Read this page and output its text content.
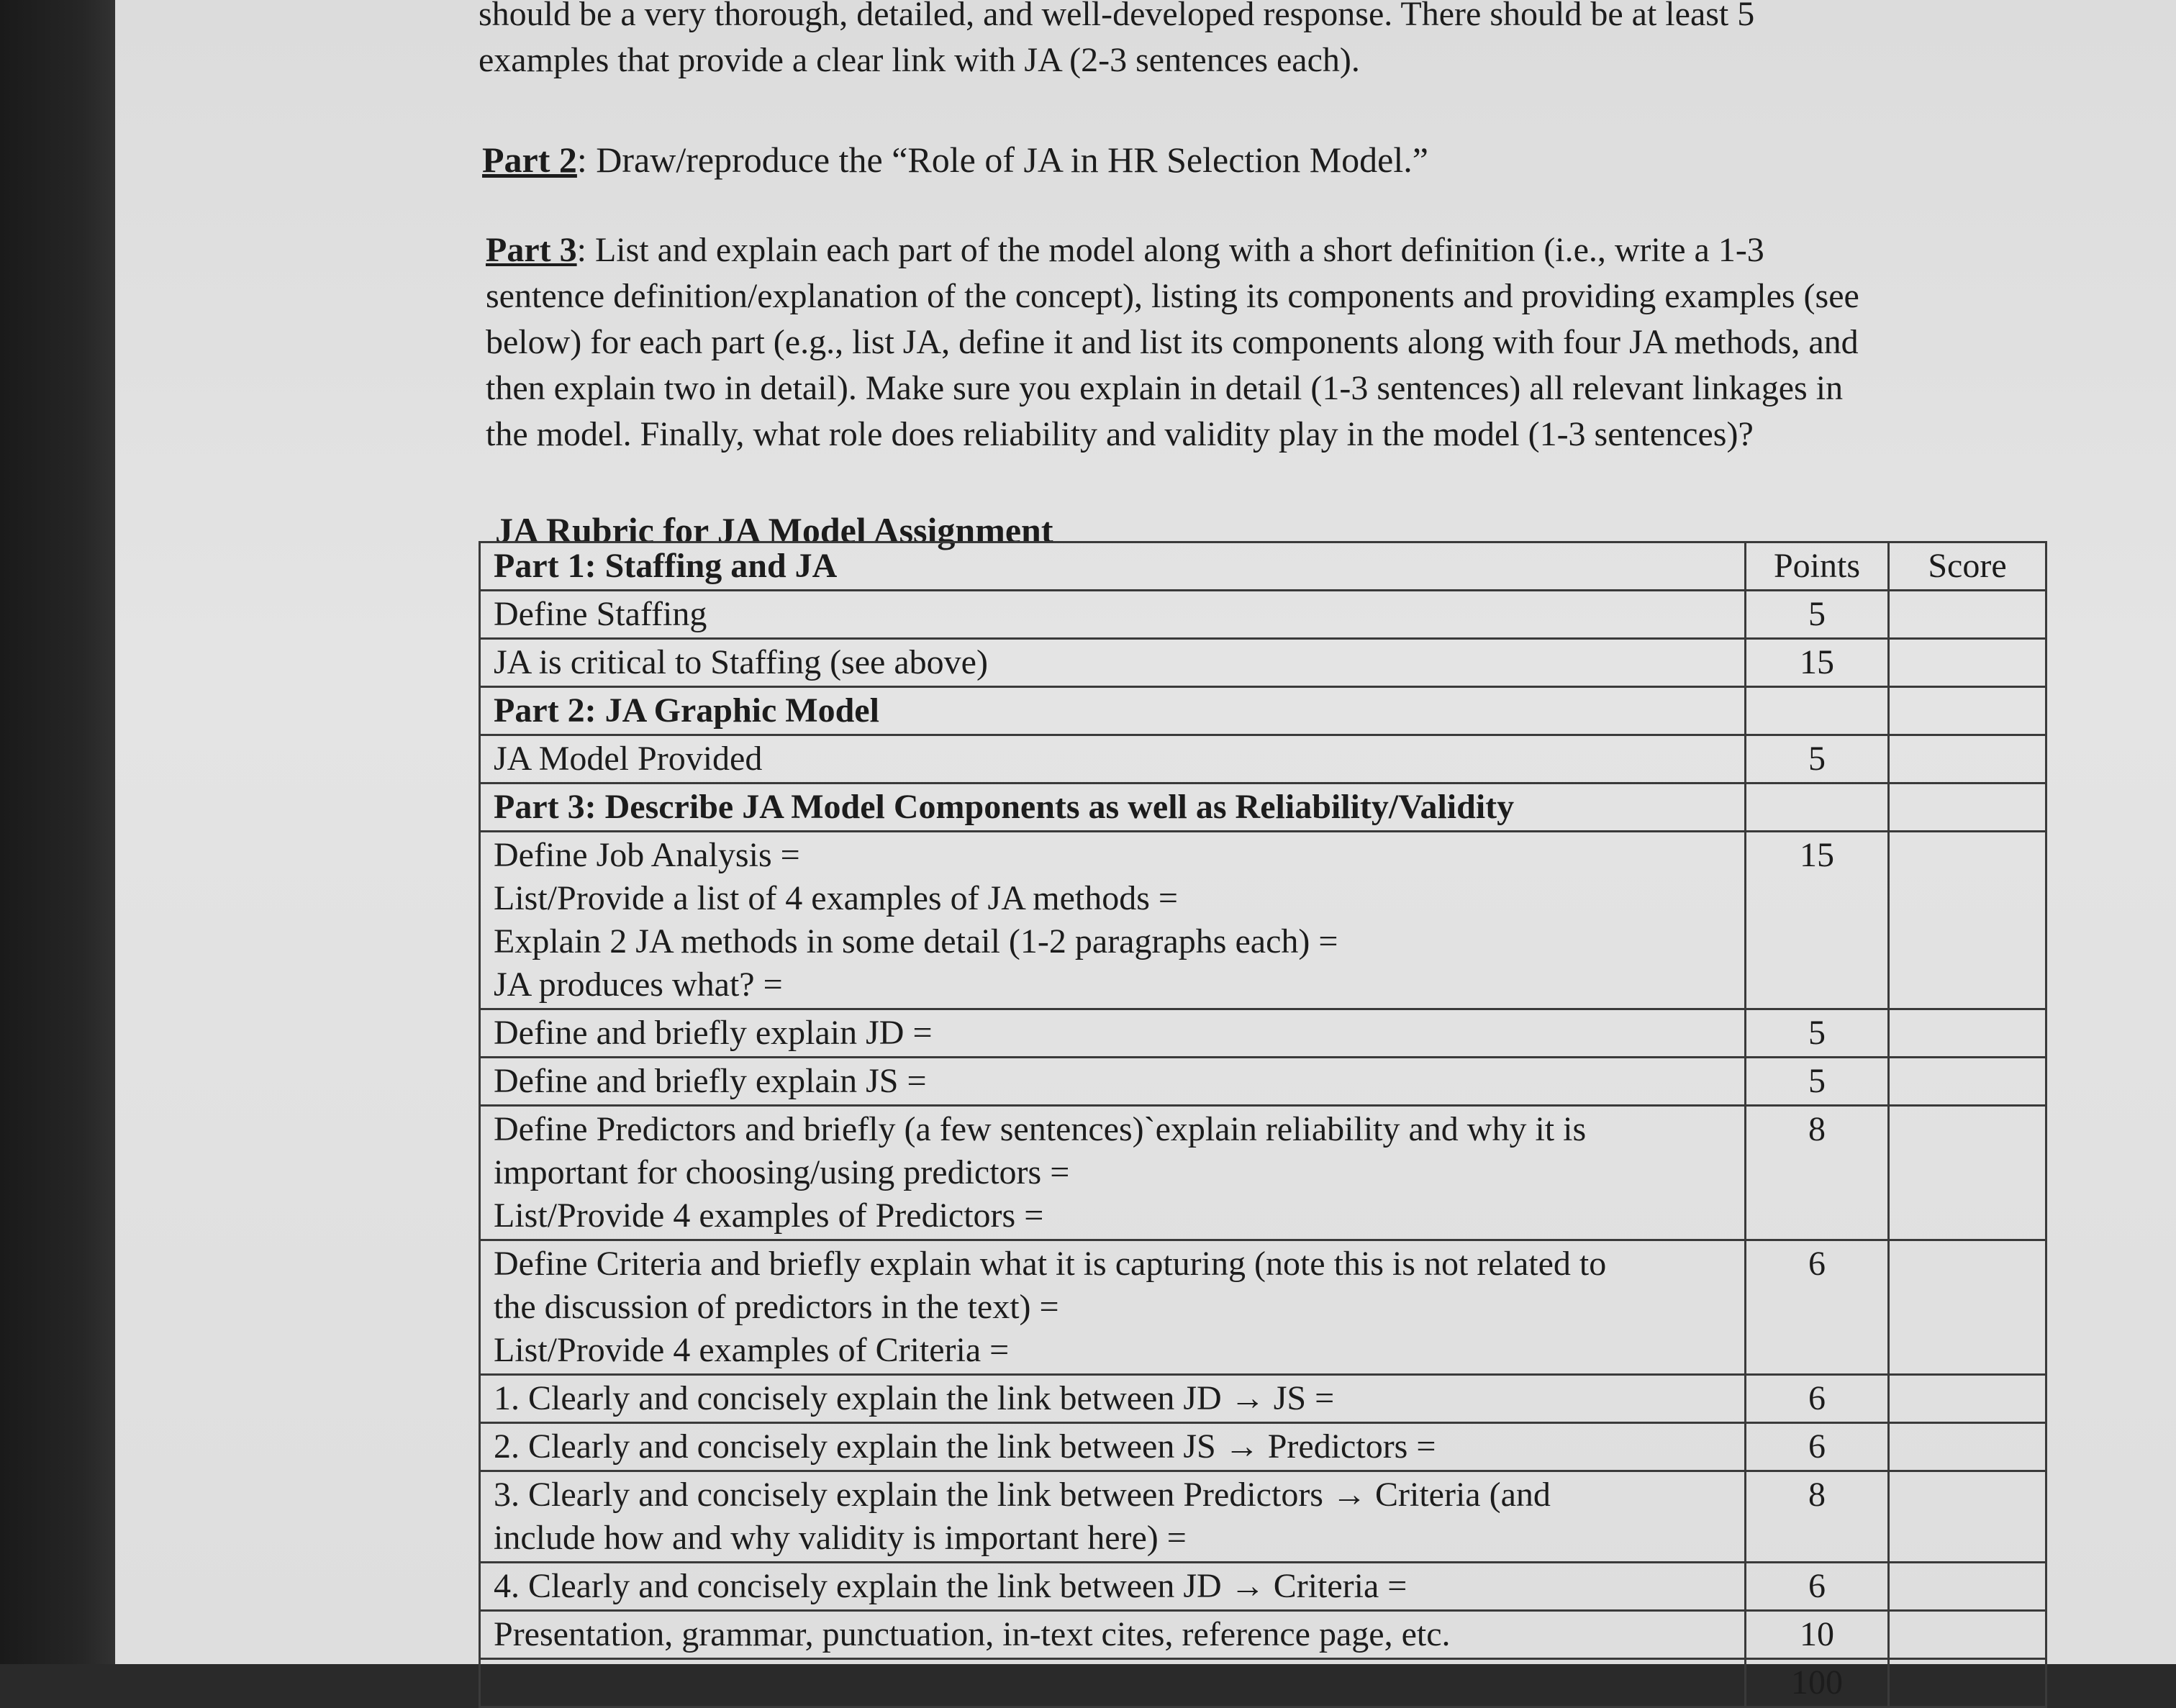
should be a very thorough, detailed, and well-developed response. There should be at least 5
examples that provide a clear link with JA (2-3 sentences each).
Part 2: Draw/reproduce the “Role of JA in HR Selection Model.”
Part 3: List and explain each part of the model along with a short definition (i.e., write a 1-3
sentence definition/explanation of the concept), listing its components and providing examples (see
below) for each part (e.g., list JA, define it and list its components along with four JA methods, and
then explain two in detail). Make sure you explain in detail (1-3 sentences) all relevant linkages in
the model. Finally, what role does reliability and validity play in the model (1-3 sentences)?
JA Rubric for JA Model Assignment
Part 1: Staffing and JA	Points	Score

Define Staffing	5	

JA is critical to Staffing (see above)	15	

Part 2: JA Graphic Model		

JA Model Provided	5	

Part 3: Describe JA Model Components as well as Reliability/Validity		

Define Job Analysis =
List/Provide a list of 4 examples of JA methods =
Explain 2 JA methods in some detail (1-2 paragraphs each) =
JA produces what? =	15	

Define and briefly explain JD =	5	

Define and briefly explain JS =	5	

Define Predictors and briefly (a few sentences)`explain reliability and why it is
important for choosing/using predictors =
List/Provide 4 examples of Predictors =	8	

Define Criteria and briefly explain what it is capturing (note this is not related to
the discussion of predictors in the text) =
List/Provide 4 examples of Criteria =	6	

1. Clearly and concisely explain the link between JD → JS =	6	

2. Clearly and concisely explain the link between JS → Predictors =	6	

3. Clearly and concisely explain the link between Predictors → Criteria (and
include how and why validity is important here) =	8	

4. Clearly and concisely explain the link between JD → Criteria =	6	

Presentation, grammar, punctuation, in-text cites, reference page, etc.	10	

	100	
